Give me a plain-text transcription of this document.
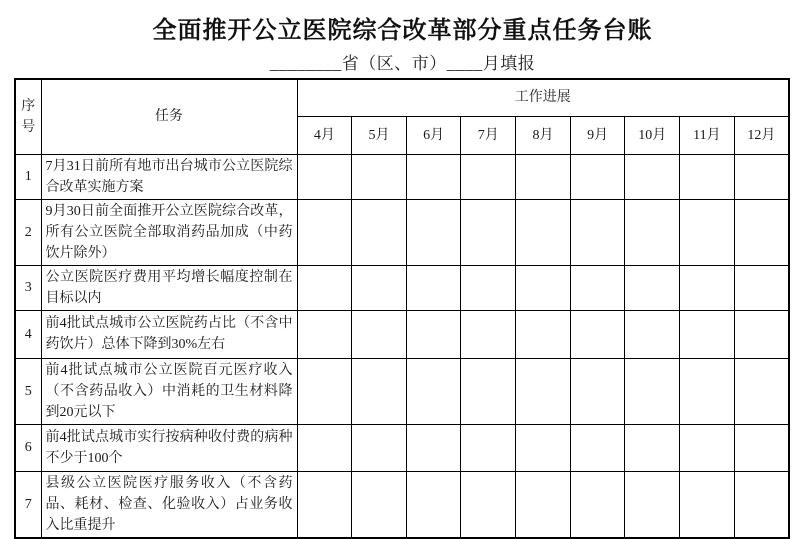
全面推开公立医院综合改革部分重点任务台账
________省（区、市）____月填报
序号	任务	工作进展								
		4月	5月	6月	7月	8月	9月	10月	11月	12月
1	7月31日前所有地市出台城市公立医院综合改革实施方案									
2	9月30日前全面推开公立医院综合改革，所有公立医院全部取消药品加成（中药饮片除外）									
3	公立医院医疗费用平均增长幅度控制在目标以内									
4	前4批试点城市公立医院药占比（不含中药饮片）总体下降到30%左右									
5	前4批试点城市公立医院百元医疗收入（不含药品收入）中消耗的卫生材料降到20元以下									
6	前4批试点城市实行按病种收付费的病种不少于100个									
7	县级公立医院医疗服务收入（不含药品、耗材、检查、化验收入）占业务收入比重提升									
